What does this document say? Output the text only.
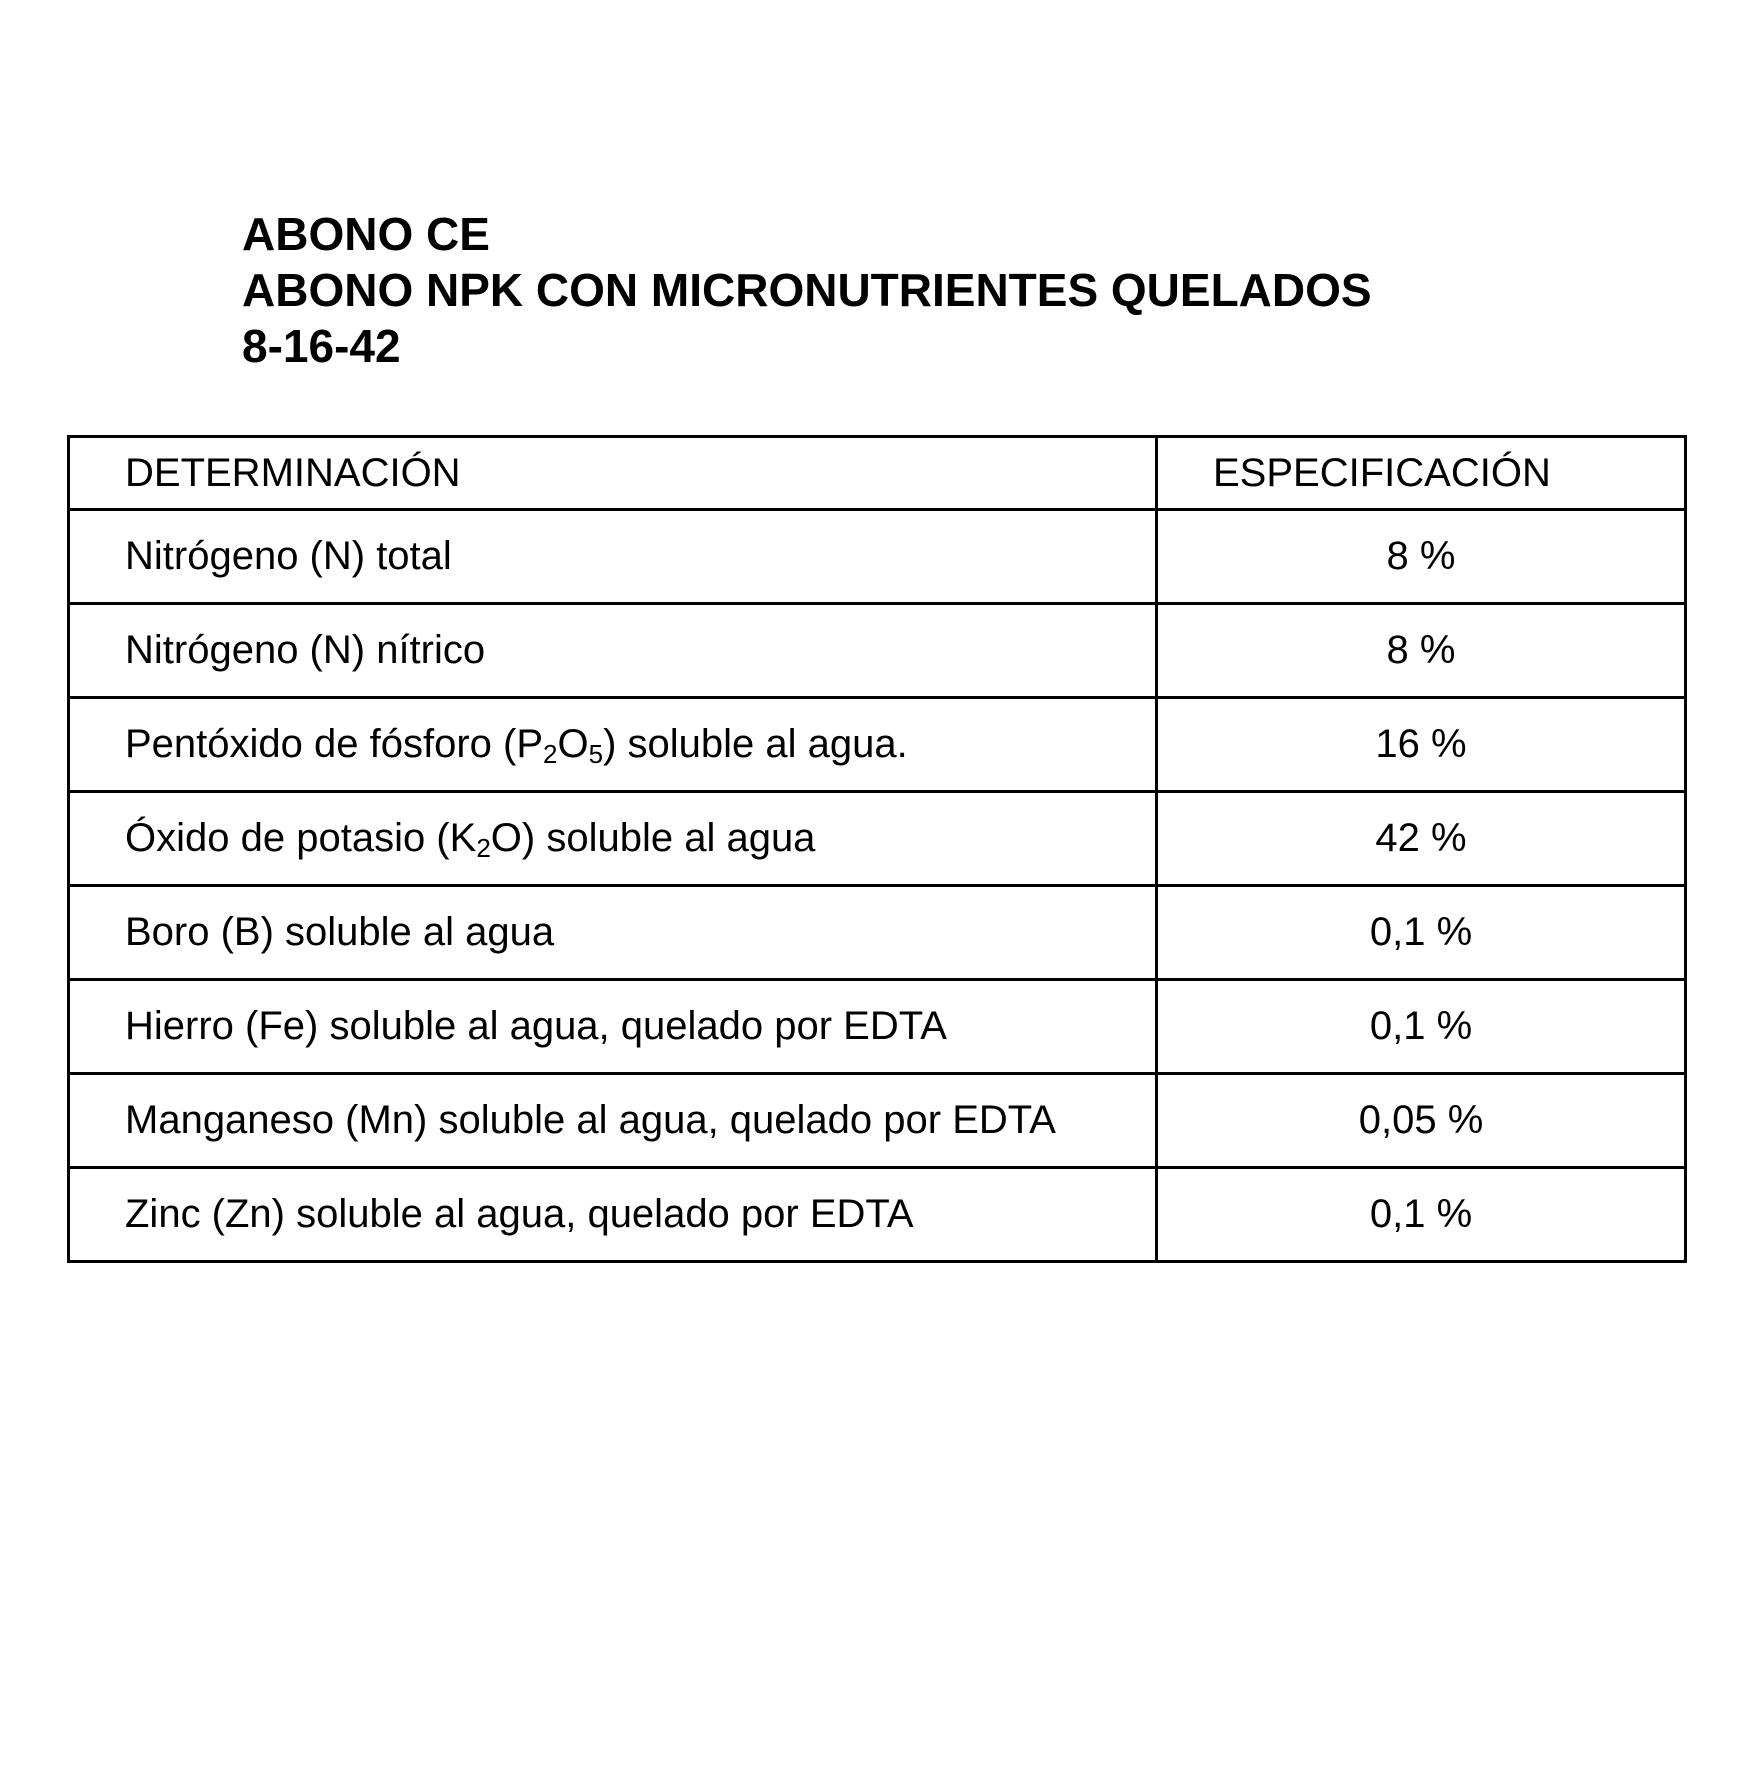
ABONO CE
ABONO NPK CON MICRONUTRIENTES QUELADOS
8-16-42
DETERMINACIÓN	ESPECIFICACIÓN
Nitrógeno (N) total	8 %
Nitrógeno (N) nítrico	8 %
Pentóxido de fósforo $(P_2O_5)$ soluble al agua.	16 %
Óxido de potasio $(K_2O)$ soluble al agua	42 %
Boro (B) soluble al agua	0,1 %
Hierro (Fe) soluble al agua, quelado por EDTA	0,1 %
Manganeso (Mn) soluble al agua, quelado por EDTA	0,05 %
Zinc (Zn) soluble al agua, quelado por EDTA	0,1 %
